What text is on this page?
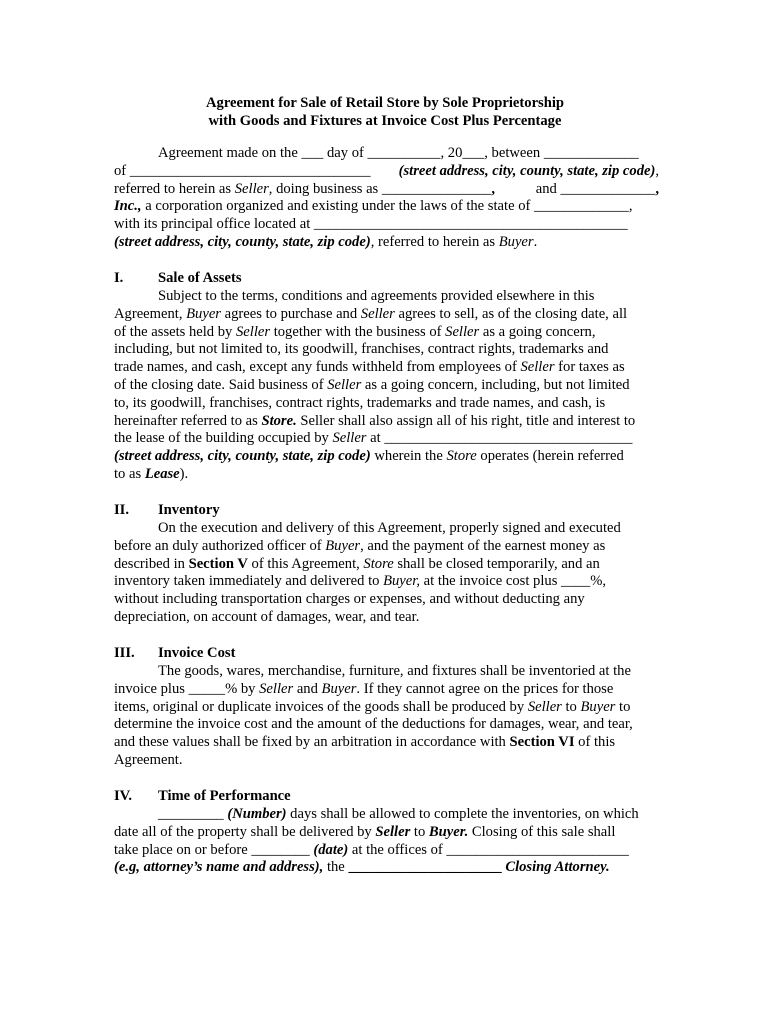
Agreement for Sale of Retail Store by Sole Proprietorship
with Goods and Fixtures at Invoice Cost Plus Percentage
Agreement made on the ___ day of __________, 20___, between _____________
of _________________________________ (street address, city, county, state, zip code),
referred to herein as Seller, doing business as _______________,	and _____________,
Inc., a corporation organized and existing under the laws of the state of _____________,
with its principal office located at ___________________________________________
(street address, city, county, state, zip code), referred to herein as Buyer.
I. Sale of Assets
Subject to the terms, conditions and agreements provided elsewhere in this
Agreement, Buyer agrees to purchase and Seller agrees to sell, as of the closing date, all
of the assets held by Seller together with the business of Seller as a going concern,
including, but not limited to, its goodwill, franchises, contract rights, trademarks and
trade names, and cash, except any funds withheld from employees of Seller for taxes as
of the closing date. Said business of Seller as a going concern, including, but not limited
to, its goodwill, franchises, contract rights, trademarks and trade names, and cash, is
hereinafter referred to as Store. Seller shall also assign all of his right, title and interest to
the lease of the building occupied by Seller at __________________________________
(street address, city, county, state, zip code) wherein the Store operates (herein referred
to as Lease).
II. Inventory
On the execution and delivery of this Agreement, properly signed and executed
before an duly authorized officer of Buyer, and the payment of the earnest money as
described in Section V of this Agreement, Store shall be closed temporarily, and an
inventory taken immediately and delivered to Buyer, at the invoice cost plus ____%,
without including transportation charges or expenses, and without deducting any
depreciation, on account of damages, wear, and tear.
III. Invoice Cost
The goods, wares, merchandise, furniture, and fixtures shall be inventoried at the
invoice plus _____% by Seller and Buyer. If they cannot agree on the prices for those
items, original or duplicate invoices of the goods shall be produced by Seller to Buyer to
determine the invoice cost and the amount of the deductions for damages, wear, and tear,
and these values shall be fixed by an arbitration in accordance with Section VI of this
Agreement.
IV. Time of Performance
_________ (Number) days shall be allowed to complete the inventories, on which
date all of the property shall be delivered by Seller to Buyer. Closing of this sale shall
take place on or before ________ (date) at the offices of _________________________
(e.g, attorney’s name and address), the _____________________ Closing Attorney.
